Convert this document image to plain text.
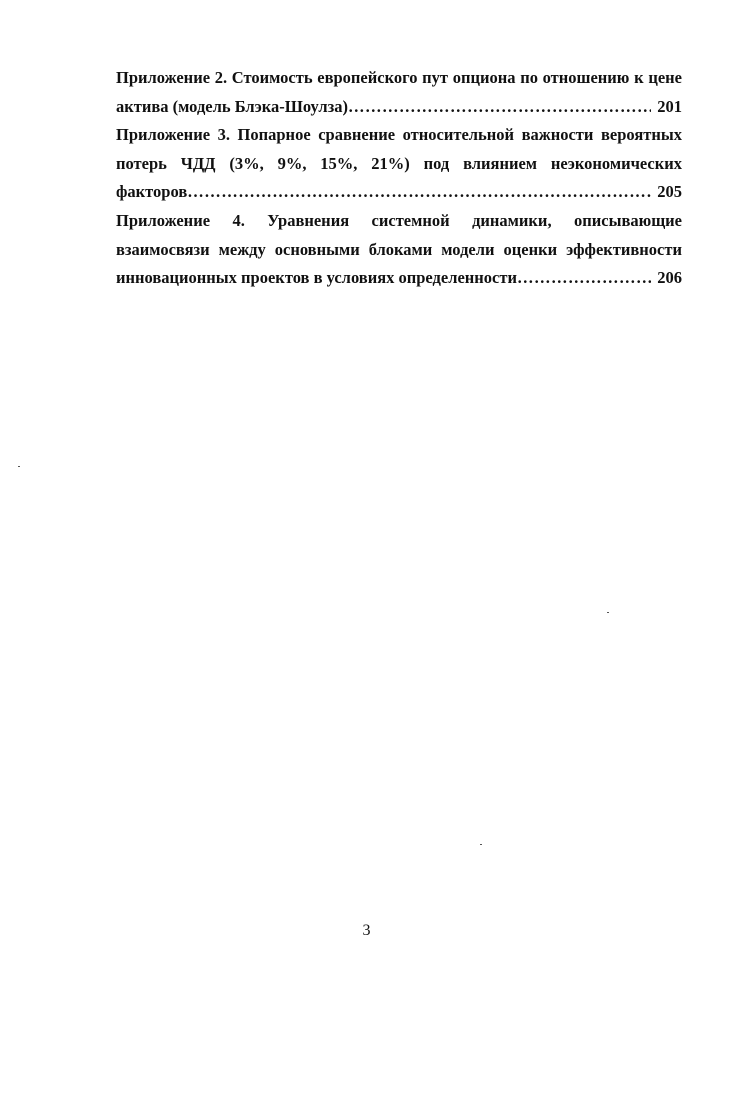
Приложение 2. Стоимость европейского пут опциона по отношению к цене
актива (модель Блэка-Шоулза) ……………………………………………………………………………………………………………………………………………………………	201
Приложение 3. Попарное сравнение относительной важности вероятных
потерь ЧДД (3%, 9%, 15%, 21%) под влиянием неэкономических
факторов ……………………………………………………………………………………………………………………………………………………………	205
Приложение 4. Уравнения системной динамики, описывающие
взаимосвязи между основными блоками модели оценки эффективности
инновационных проектов в условиях определенности ……………………………………………………………………………………………………………………………………………………………	206
3
